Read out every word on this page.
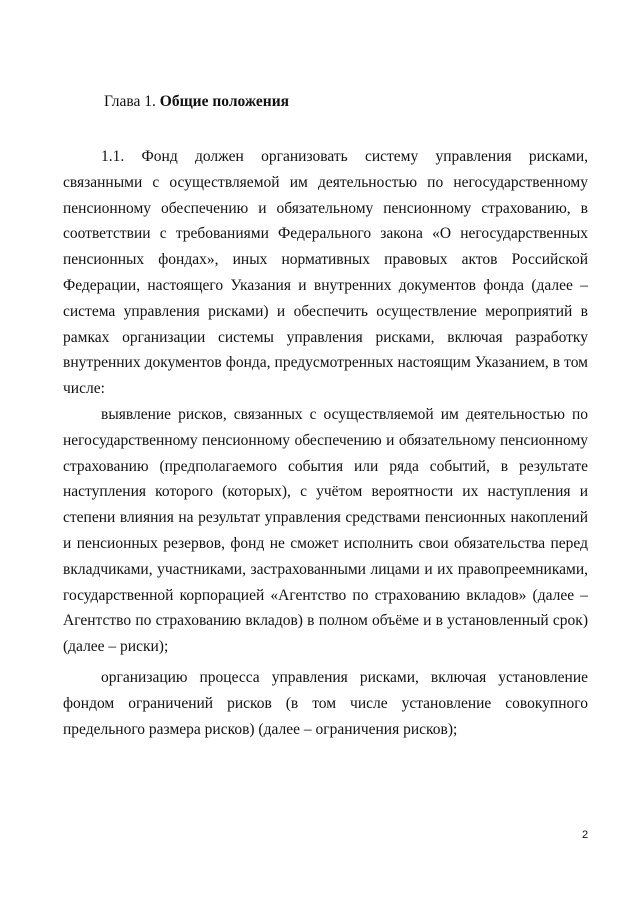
Глава 1. Общие положения

1.1. Фонд должен организовать систему управления рисками, связанными с осуществляемой им деятельностью по негосударственному пенсионному обеспечению и обязательному пенсионному страхованию, в соответствии с требованиями Федерального закона «О негосударственных пенсионных фондах», иных нормативных правовых актов Российской Федерации, настоящего Указания и внутренних документов фонда (далее – система управления рисками) и обеспечить осуществление мероприятий в рамках организации системы управления рисками, включая разработку внутренних документов фонда, предусмотренных настоящим Указанием, в том числе:

выявление рисков, связанных с осуществляемой им деятельностью по негосударственному пенсионному обеспечению и обязательному пенсионному страхованию (предполагаемого события или ряда событий, в результате наступления которого (которых), с учётом вероятности их наступления и степени влияния на результат управления средствами пенсионных накоплений и пенсионных резервов, фонд не сможет исполнить свои обязательства перед вкладчиками, участниками, застрахованными лицами и их правопреемниками, государственной корпорацией «Агентство по страхованию вкладов» (далее – Агентство по страхованию вкладов) в полном объёме и в установленный срок) (далее – риски);

организацию процесса управления рисками, включая установление фондом ограничений рисков (в том числе установление совокупного предельного размера рисков) (далее – ограничения рисков);

2
